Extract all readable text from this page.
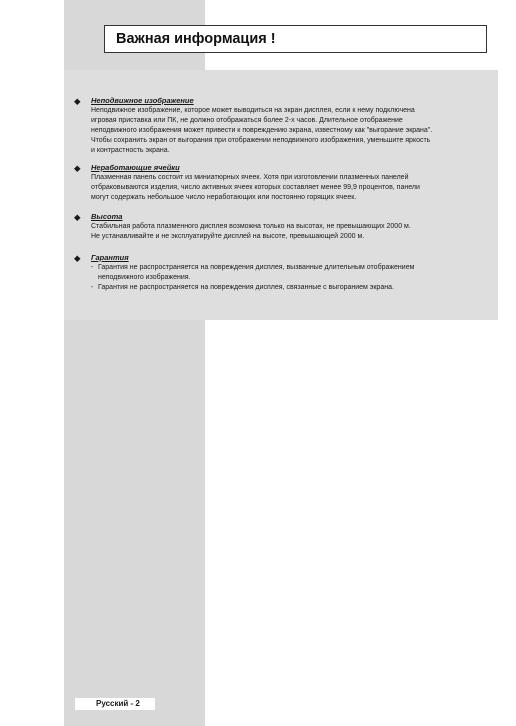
Важная информация !
◆ Неподвижное изображение
Неподвижное изображение, которое может выводиться на экран дисплея, если к нему подключена
игровая приставка или ПК, не должно отображаться более 2-х часов. Длительное отображение
неподвижного изображения может привести к повреждению экрана, известному как "выгорание экрана".
Чтобы сохранить экран от выгорания при отображении неподвижного изображения, уменьшите яркость
и контрастность экрана.
◆ Неработающие ячейки
Плазменная панель состоит из миниатюрных ячеек. Хотя при изготовлении плазменных панелей
отбраковываются изделия, число активных ячеек которых составляет менее 99,9 процентов, панели
могут содержать небольшое число неработающих или постоянно горящих ячеек.
◆ Высота
Стабильная работа плазменного дисплея возможна только на высотах, не превышающих 2000 м.
Не устанавливайте и не эксплуатируйте дисплей на высоте, превышающей 2000 м.
◆ Гарантия
- Гарантия не распространяется на повреждения дисплея, вызванные длительным отображением
неподвижного изображения.
- Гарантия не распространяется на повреждения дисплея, связанные с выгоранием экрана.
Русский - 2
